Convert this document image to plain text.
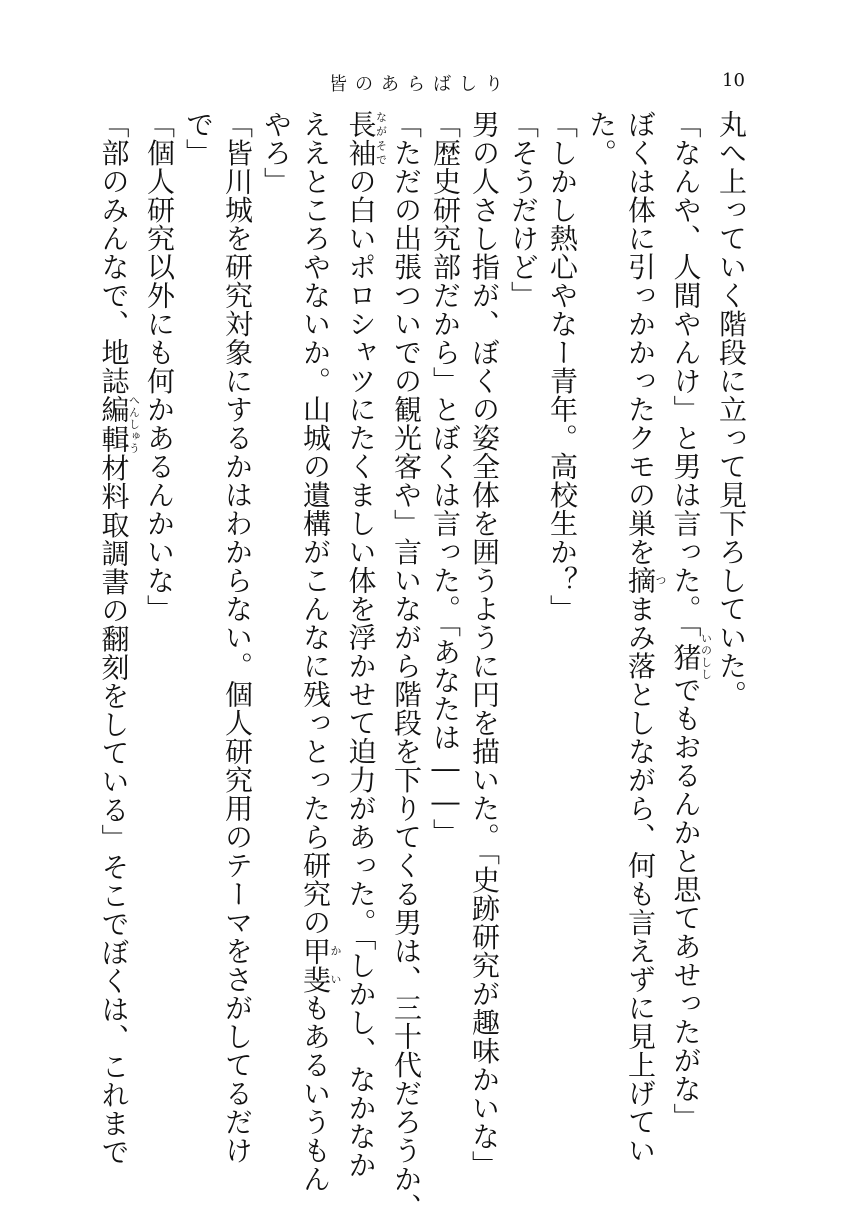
皆のあらばしり	10
丸へ上っていく階段に立って見下ろしていた。
「なんや、人間やんけ」と男は言った。「猪いのししでもおるんかと思てあせったがな」
ぼくは体に引っかかったクモの巣を摘つまみ落としながら、何も言えずに見上げてい
た。
「しかし熱心やなー青年。高校生か？」
「そうだけど」
男の人さし指が、ぼくの姿全体を囲うように円を描いた。「史跡研究が趣味かいな」
「歴史研究部だから」とぼくは言った。「あなたは――」
「ただの出張ついでの観光客や」言いながら階段を下りてくる男は、三十代だろうか、
長袖ながそでの白いポロシャツにたくましい体を浮かせて迫力があった。「しかし、なかなか
ええところやないか。山城の遺構がこんなに残っとったら研究の甲斐かいもあるいうもん
やろ」
「皆川城を研究対象にするかはわからない。個人研究用のテーマをさがしてるだけ
で」
「個人研究以外にも何かあるんかいな」
「部のみんなで、地誌編輯へんしゅう材料取調書の翻刻をしている」そこでぼくは、これまで
